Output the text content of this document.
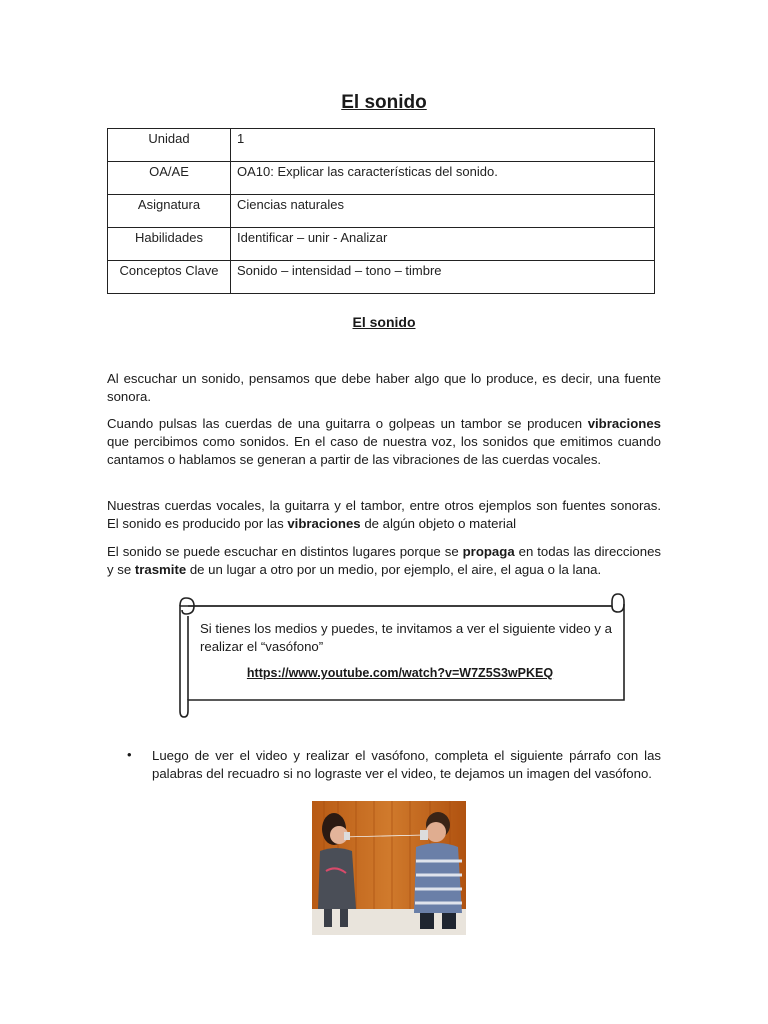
El sonido
Unidad	1
OA/AE	OA10: Explicar las características del sonido.
Asignatura	Ciencias naturales
Habilidades	Identificar – unir - Analizar
Conceptos Clave	Sonido – intensidad – tono – timbre
El sonido

Al escuchar un sonido, pensamos que debe haber algo que lo produce, es decir, una fuente sonora.

Cuando pulsas las cuerdas de una guitarra o golpeas un tambor se producen vibraciones que percibimos como sonidos. En el caso de nuestra voz, los sonidos que emitimos cuando cantamos o hablamos se generan a partir de las vibraciones de las cuerdas vocales.

Nuestras cuerdas vocales, la guitarra y el tambor, entre otros ejemplos son fuentes sonoras. El sonido es producido por las vibraciones de algún objeto o material

El sonido se puede escuchar en distintos lugares porque se propaga en todas las direcciones y se trasmite de un lugar a otro por un medio, por ejemplo, el aire, el agua o la lana.

Si tienes los medios y puedes, te invitamos a ver el siguiente video y a realizar el “vasófono”

https://www.youtube.com/watch?v=W7Z5S3wPKEQ

• Luego de ver el video y realizar el vasófono, completa el siguiente párrafo con las palabras del recuadro si no lograste ver el video, te dejamos un imagen del vasófono.
